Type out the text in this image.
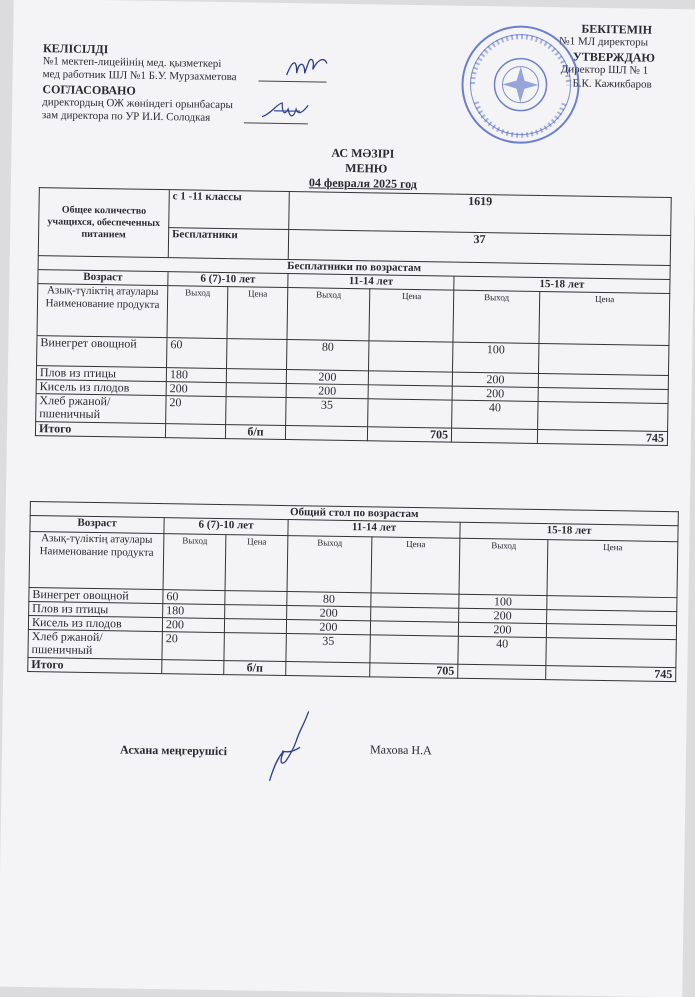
КЕЛІСІЛДІ
№1 мектеп-лицейінің мед. қызметкері
мед работник ШЛ №1 Б.У. Мурзахметова
СОГЛАСОВАНО
директордың ОЖ жөніндегі орынбасары
зам директора по УР И.И. Солодкая
БЕКІТЕМІН
№1 МЛ директоры
УТВЕРЖДАЮ
Директор ШЛ № 1
Б.К. Кажикбаров
АС МӘЗІРІ
МЕНЮ
04 февраля 2025 год
Общее количество учащихся, обеспеченных питанием	с 1 -11 классы		1619			
	Бесплатники		37			
Бесплатники по возрастам						
Возраст	6 (7)-10 лет		11-14 лет		15-18 лет	
Азық-түліктің атаулары
Наименование продукта	Выход	Цена	Выход	Цена	Выход	Цена
Винегрет овощной	60		80		100	
Плов из птицы	180		200		200	
Кисель из плодов	200		200		200	
Хлеб ржаной/ пшеничный	20		35		40	
Итого		б/п		705		745
Общий стол по возрастам						
Возраст	6 (7)-10 лет		11-14 лет		15-18 лет	
Азық-түліктің атаулары
Наименование продукта	Выход	Цена	Выход	Цена	Выход	Цена
Винегрет овощной	60		80		100	
Плов из птицы	180		200		200	
Кисель из плодов	200		200		200	
Хлеб ржаной/ пшеничный	20		35		40	
Итого		б/п		705		745
Асхана меңгерушісі	Махова Н.А
